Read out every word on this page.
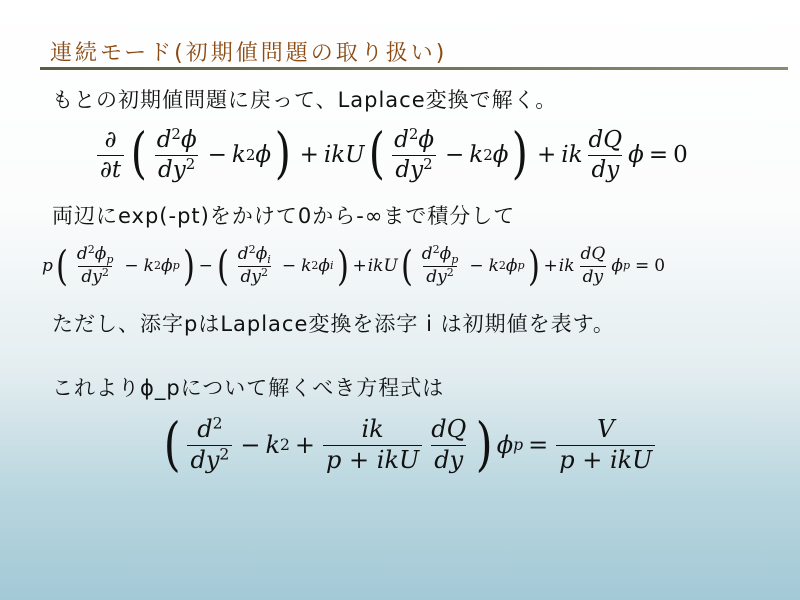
連続モード(初期値問題の取り扱い)
もとの初期値問題に戻って、Laplace変換で解く。
$\frac{\partial}{\partial t}$ ( $\frac{d^2\phi}{dy^2} - k$ 2 ϕ ) + ikU ( $\frac{d^2\phi}{dy^2} - k$ 2 ϕ ) + ik $\frac{dQ}{dy}$ ϕ = 0
両辺にexp(-pt)をかけて0から-∞まで積分して
p ( $\frac{d^2\phi_p}{dy^2} - k$ 2 ϕ p ) − ( $\frac{d^2\phi_i}{dy^2} - k$ 2 ϕ i ) + ikU ( $\frac{d^2\phi_p}{dy^2} - k$ 2 ϕ p ) + ik $\frac{dQ}{dy}$ ϕ p = 0
ただし、添字pはLaplace変換を添字 i は初期値を表す。
これよりϕ_pについて解くべき方程式は
( $\frac{d^2}{dy^2} - k$ $2 + \frac{ik}{\text{p + ikU}} \frac{dQ}{dy}$ ) ϕ $p = \frac{V}{\text{p + ikU}}$
